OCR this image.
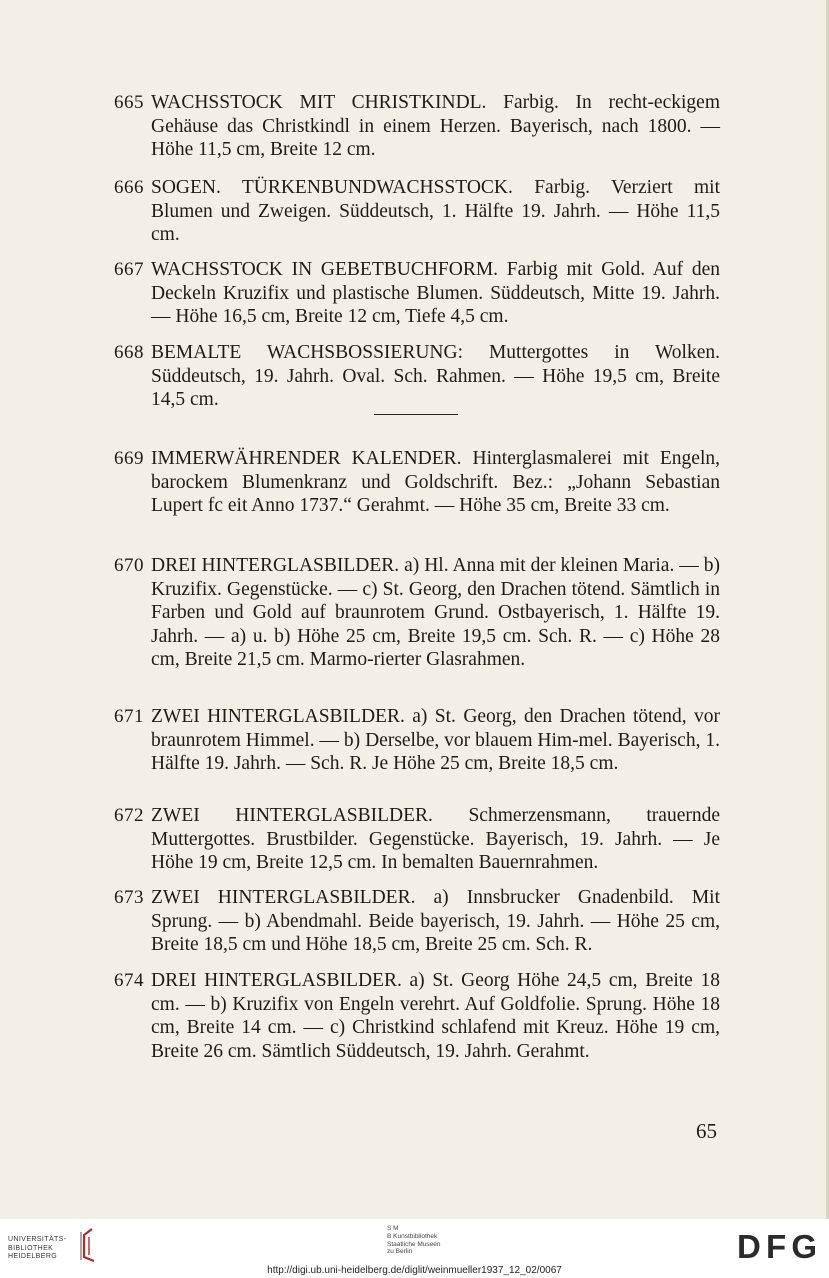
665 WACHSSTOCK MIT CHRISTKINDL. Farbig. In recht-eckigem Gehäuse das Christkindl in einem Herzen. Bayerisch, nach 1800. — Höhe 11,5 cm, Breite 12 cm.
666 SOGEN. TÜRKENBUNDWACHSSTOCK. Farbig. Verziert mit Blumen und Zweigen. Süddeutsch, 1. Hälfte 19. Jahrh. — Höhe 11,5 cm.
667 WACHSSTOCK IN GEBETBUCHFORM. Farbig mit Gold. Auf den Deckeln Kruzifix und plastische Blumen. Süddeutsch, Mitte 19. Jahrh. — Höhe 16,5 cm, Breite 12 cm, Tiefe 4,5 cm.
668 BEMALTE WACHSBOSSIERUNG: Muttergottes in Wolken. Süddeutsch, 19. Jahrh. Oval. Sch. Rahmen. — Höhe 19,5 cm, Breite 14,5 cm.
669 IMMERWÄHRENDER KALENDER. Hinterglasmalerei mit Engeln, barockem Blumenkranz und Goldschrift. Bez.: „Johann Sebastian Lupert fc eit Anno 1737.“ Gerahmt. — Höhe 35 cm, Breite 33 cm.
670 DREI HINTERGLASBILDER. a) Hl. Anna mit der kleinen Maria. — b) Kruzifix. Gegenstücke. — c) St. Georg, den Drachen tötend. Sämtlich in Farben und Gold auf braunrotem Grund. Ostbayerisch, 1. Hälfte 19. Jahrh. — a) u. b) Höhe 25 cm, Breite 19,5 cm. Sch. R. — c) Höhe 28 cm, Breite 21,5 cm. Marmo-rierter Glasrahmen.
671 ZWEI HINTERGLASBILDER. a) St. Georg, den Drachen tötend, vor braunrotem Himmel. — b) Derselbe, vor blauem Him-mel. Bayerisch, 1. Hälfte 19. Jahrh. — Sch. R. Je Höhe 25 cm, Breite 18,5 cm.
672 ZWEI HINTERGLASBILDER. Schmerzensmann, trauernde Muttergottes. Brustbilder. Gegenstücke. Bayerisch, 19. Jahrh. — Je Höhe 19 cm, Breite 12,5 cm. In bemalten Bauernrahmen.
673 ZWEI HINTERGLASBILDER. a) Innsbrucker Gnadenbild. Mit Sprung. — b) Abendmahl. Beide bayerisch, 19. Jahrh. — Höhe 25 cm, Breite 18,5 cm und Höhe 18,5 cm, Breite 25 cm. Sch. R.
674 DREI HINTERGLASBILDER. a) St. Georg Höhe 24,5 cm, Breite 18 cm. — b) Kruzifix von Engeln verehrt. Auf Goldfolie. Sprung. Höhe 18 cm, Breite 14 cm. — c) Christkind schlafend mit Kreuz. Höhe 19 cm, Breite 26 cm. Sämtlich Süddeutsch, 19. Jahrh. Gerahmt.
65
UNIVERSITÄTS-
BIBLIOTHEK
HEIDELBERG
S M
B Kunstbibliothek
Staatliche Museen
zu Berlin	DFG
http://digi.ub.uni-heidelberg.de/diglit/weinmueller1937_12_02/0067
